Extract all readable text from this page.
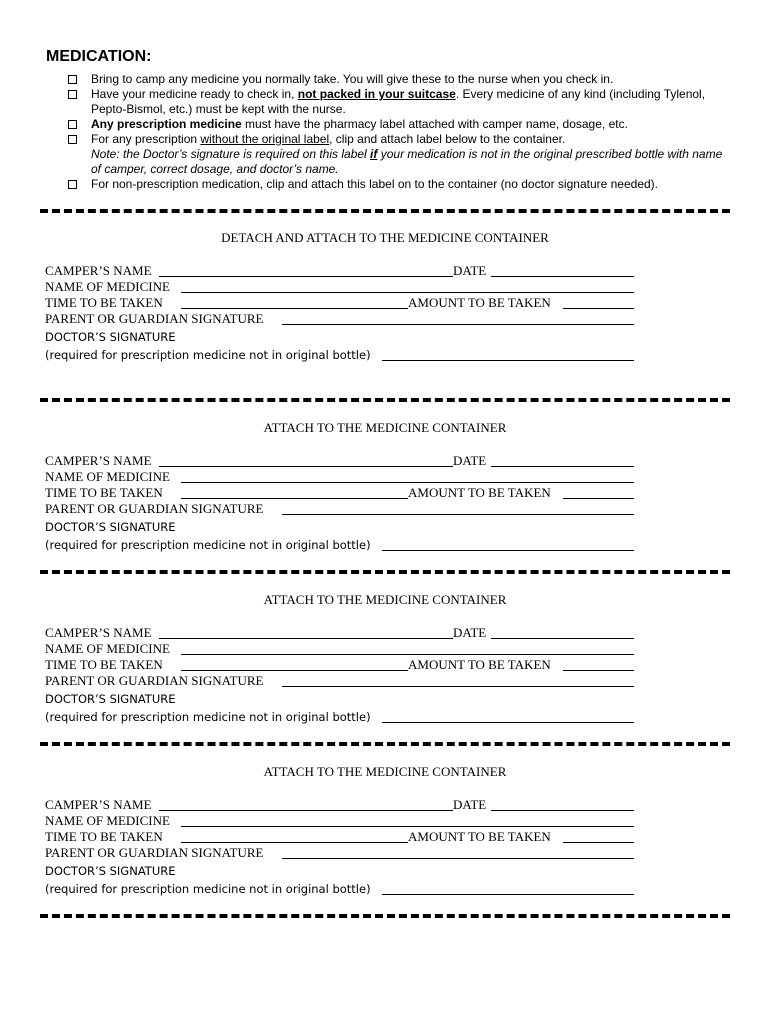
MEDICATION:
Bring to camp any medicine you normally take. You will give these to the nurse when you check in.
Have your medicine ready to check in, not packed in your suitcase. Every medicine of any kind (including Tylenol, Pepto-Bismol, etc.) must be kept with the nurse.
Any prescription medicine must have the pharmacy label attached with camper name, dosage, etc.
For any prescription without the original label, clip and attach label below to the container.
Note: the Doctor’s signature is required on this label if your medication is not in the original prescribed bottle with name of camper, correct dosage, and doctor’s name.
For non-prescription medication, clip and attach this label on to the container (no doctor signature needed).
DETACH AND ATTACH TO THE MEDICINE CONTAINER
CAMPER’S NAME	DATE
NAME OF MEDICINE
TIME TO BE TAKEN	AMOUNT TO BE TAKEN
PARENT OR GUARDIAN SIGNATURE
DOCTOR’S SIGNATURE
(required for prescription medicine not in original bottle)
ATTACH TO THE MEDICINE CONTAINER
CAMPER’S NAME	DATE
NAME OF MEDICINE
TIME TO BE TAKEN	AMOUNT TO BE TAKEN
PARENT OR GUARDIAN SIGNATURE
DOCTOR’S SIGNATURE
(required for prescription medicine not in original bottle)
ATTACH TO THE MEDICINE CONTAINER
CAMPER’S NAME	DATE
NAME OF MEDICINE
TIME TO BE TAKEN	AMOUNT TO BE TAKEN
PARENT OR GUARDIAN SIGNATURE
DOCTOR’S SIGNATURE
(required for prescription medicine not in original bottle)
ATTACH TO THE MEDICINE CONTAINER
CAMPER’S NAME	DATE
NAME OF MEDICINE
TIME TO BE TAKEN	AMOUNT TO BE TAKEN
PARENT OR GUARDIAN SIGNATURE
DOCTOR’S SIGNATURE
(required for prescription medicine not in original bottle)
